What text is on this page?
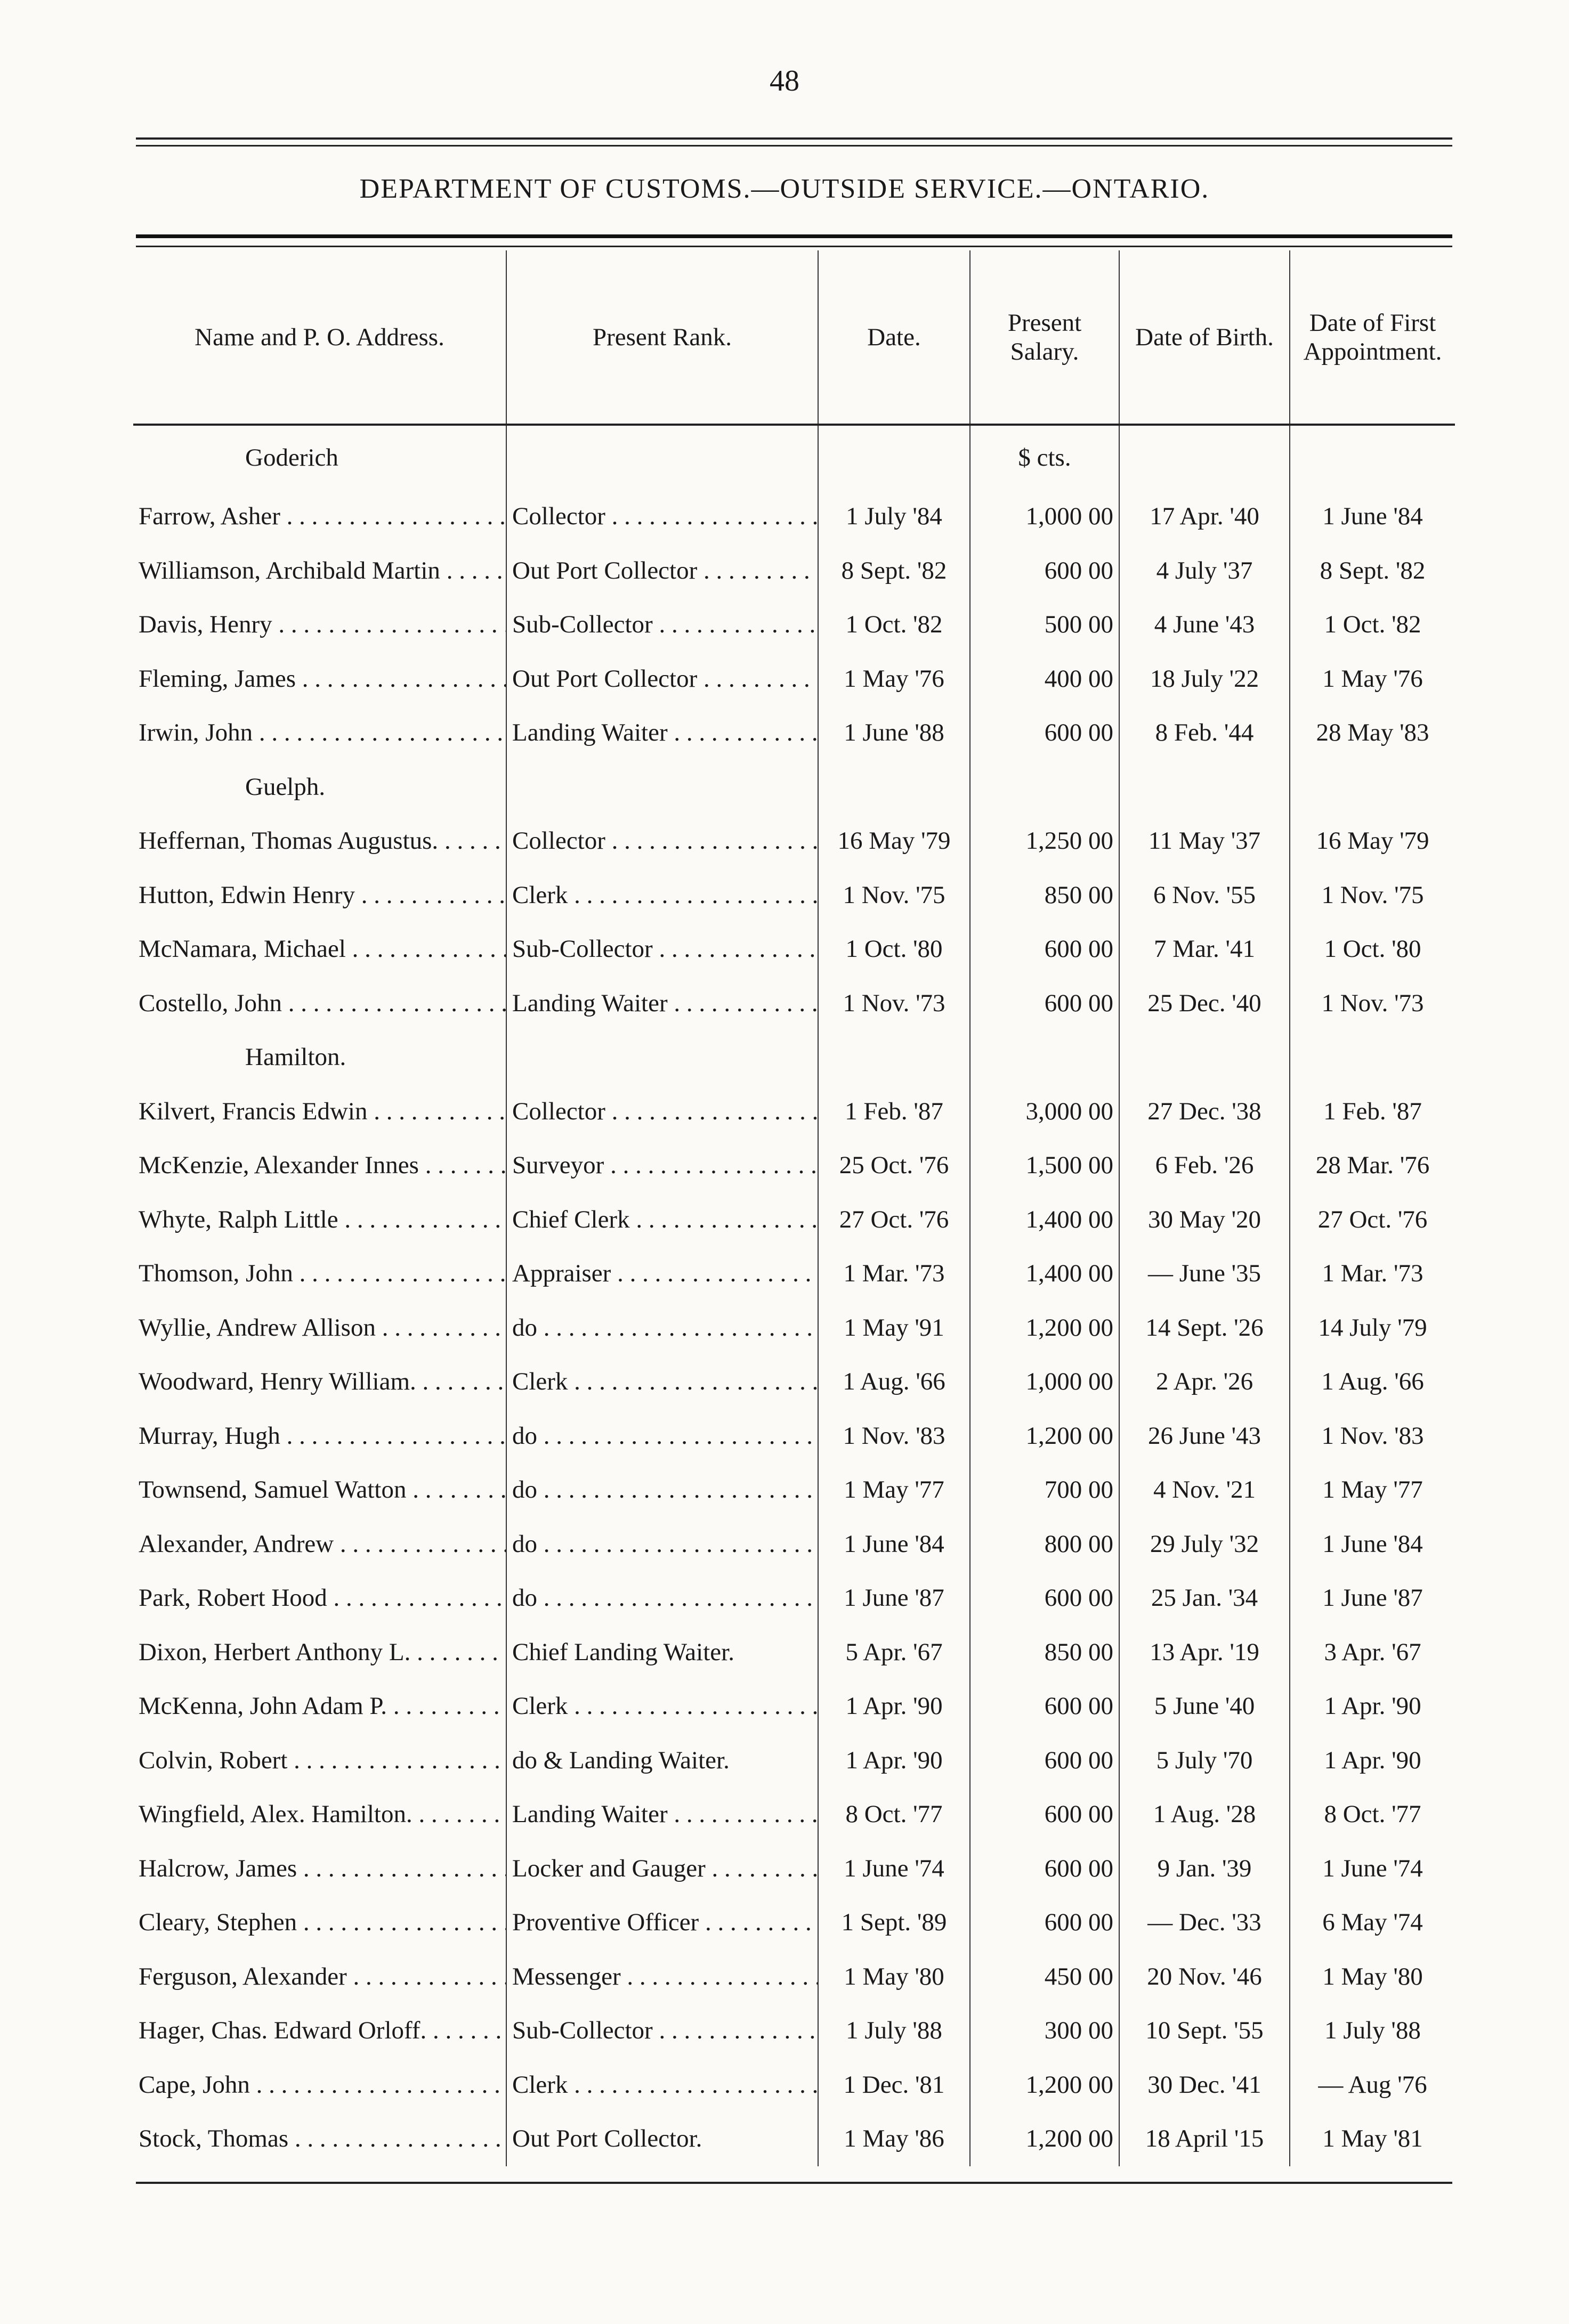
48
DEPARTMENT OF CUSTOMS.—OUTSIDE SERVICE.—ONTARIO.
Name and P. O. Address.	Present Rank.	Date.	Present Salary.	Date of Birth.	Date of First Appointment.
Goderich			$ cts.		
Farrow, Asher . . .	Collector . . .	1 July '84	1,000 00	17 Apr. '40	1 June '84
Williamson, Archibald Martin . . .	Out Port Collector . . .	8 Sept. '82	600 00	4 July '37	8 Sept. '82
Davis, Henry . . .	Sub-Collector . . .	1 Oct. '82	500 00	4 June '43	1 Oct. '82
Fleming, James . . .	Out Port Collector . . .	1 May '76	400 00	18 July '22	1 May '76
Irwin, John . . .	Landing Waiter . . .	1 June '88	600 00	8 Feb. '44	28 May '83
Guelph.					
Heffernan, Thomas Augustus. . . .	Collector . . .	16 May '79	1,250 00	11 May '37	16 May '79
Hutton, Edwin Henry . . .	Clerk . . .	1 Nov. '75	850 00	6 Nov. '55	1 Nov. '75
McNamara, Michael . . .	Sub-Collector . . .	1 Oct. '80	600 00	7 Mar. '41	1 Oct. '80
Costello, John . . .	Landing Waiter . . .	1 Nov. '73	600 00	25 Dec. '40	1 Nov. '73
Hamilton.					
Kilvert, Francis Edwin . . .	Collector . . .	1 Feb. '87	3,000 00	27 Dec. '38	1 Feb. '87
McKenzie, Alexander Innes . . .	Surveyor . . .	25 Oct. '76	1,500 00	6 Feb. '26	28 Mar. '76
Whyte, Ralph Little . . .	Chief Clerk . . .	27 Oct. '76	1,400 00	30 May '20	27 Oct. '76
Thomson, John . . .	Appraiser . . .	1 Mar. '73	1,400 00	— June '35	1 Mar. '73
Wyllie, Andrew Allison . . .	do . . .	1 May '91	1,200 00	14 Sept. '26	14 July '79
Woodward, Henry William. . . .	Clerk . . .	1 Aug. '66	1,000 00	2 Apr. '26	1 Aug. '66
Murray, Hugh . . .	do . . .	1 Nov. '83	1,200 00	26 June '43	1 Nov. '83
Townsend, Samuel Watton . . .	do . . .	1 May '77	700 00	4 Nov. '21	1 May '77
Alexander, Andrew . . .	do . . .	1 June '84	800 00	29 July '32	1 June '84
Park, Robert Hood . . .	do . . .	1 June '87	600 00	25 Jan. '34	1 June '87
Dixon, Herbert Anthony L. . . .	Chief Landing Waiter.	5 Apr. '67	850 00	13 Apr. '19	3 Apr. '67
McKenna, John Adam P. . . .	Clerk . . .	1 Apr. '90	600 00	5 June '40	1 Apr. '90
Colvin, Robert . . .	do & Landing Waiter.	1 Apr. '90	600 00	5 July '70	1 Apr. '90
Wingfield, Alex. Hamilton. . . .	Landing Waiter . . .	8 Oct. '77	600 00	1 Aug. '28	8 Oct. '77
Halcrow, James . . .	Locker and Gauger . . .	1 June '74	600 00	9 Jan. '39	1 June '74
Cleary, Stephen . . .	Proventive Officer . . .	1 Sept. '89	600 00	— Dec. '33	6 May '74
Ferguson, Alexander . . .	Messenger . . .	1 May '80	450 00	20 Nov. '46	1 May '80
Hager, Chas. Edward Orloff. . . .	Sub-Collector . . .	1 July '88	300 00	10 Sept. '55	1 July '88
Cape, John . . .	Clerk . . .	1 Dec. '81	1,200 00	30 Dec. '41	— Aug '76
Stock, Thomas . . .	Out Port Collector.	1 May '86	1,200 00	18 April '15	1 May '81
